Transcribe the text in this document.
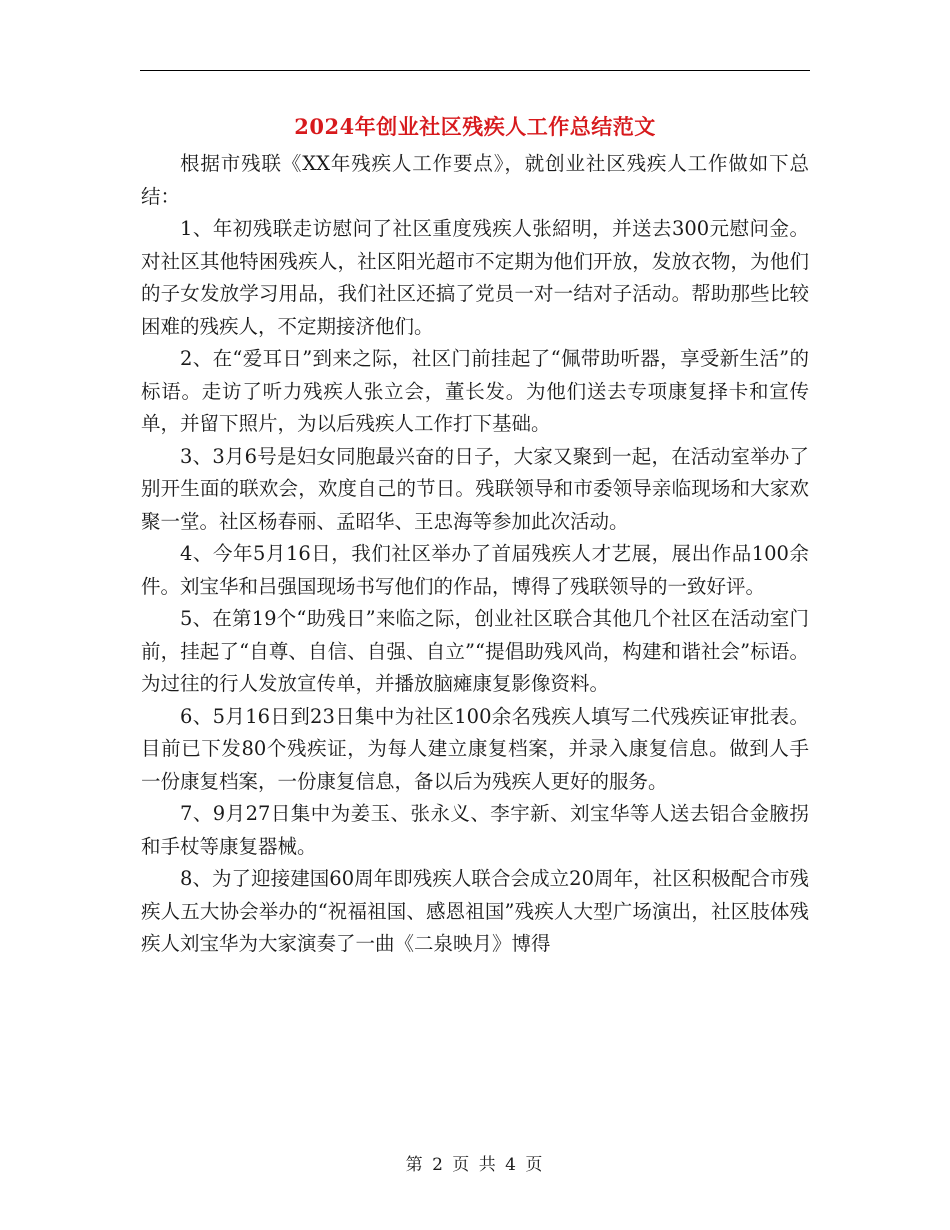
2024年创业社区残疾人工作总结范文

根据市残联《XX年残疾人工作要点》，就创业社区残疾人工作做如下总结：

1、年初残联走访慰问了社区重度残疾人张紹明，并送去300元慰问金。对社区其他特困残疾人，社区阳光超市不定期为他们开放，发放衣物，为他们的子女发放学习用品，我们社区还搞了党员一对一结对子活动。帮助那些比较困难的残疾人，不定期接济他们。

2、在“爱耳日”到来之际，社区门前挂起了“佩带助听器，享受新生活”的标语。走访了听力残疾人张立会，董长发。为他们送去专项康复择卡和宣传单，并留下照片，为以后残疾人工作打下基础。

3、3月6号是妇女同胞最兴奋的日子，大家又聚到一起，在活动室举办了别开生面的联欢会，欢度自己的节日。残联领导和市委领导亲临现场和大家欢聚一堂。社区杨春丽、孟昭华、王忠海等参加此次活动。

4、今年5月16日，我们社区举办了首届残疾人才艺展，展出作品100余件。刘宝华和吕强国现场书写他们的作品，博得了残联领导的一致好评。

5、在第19个“助残日”来临之际，创业社区联合其他几个社区在活动室门前，挂起了“自尊、自信、自强、自立”“提倡助残风尚，构建和谐社会”标语。为过往的行人发放宣传单，并播放脑瘫康复影像资料。

6、5月16日到23日集中为社区100余名残疾人填写二代残疾证审批表。目前已下发80个残疾证，为每人建立康复档案，并录入康复信息。做到人手一份康复档案，一份康复信息，备以后为残疾人更好的服务。

7、9月27日集中为姜玉、张永义、李宇新、刘宝华等人送去铝合金腋拐和手杖等康复器械。

8、为了迎接建国60周年即残疾人联合会成立20周年，社区积极配合市残疾人五大协会举办的“祝福祖国、感恩祖国”残疾人大型广场演出，社区肢体残疾人刘宝华为大家演奏了一曲《二泉映月》博得

第 2 页 共 4 页
